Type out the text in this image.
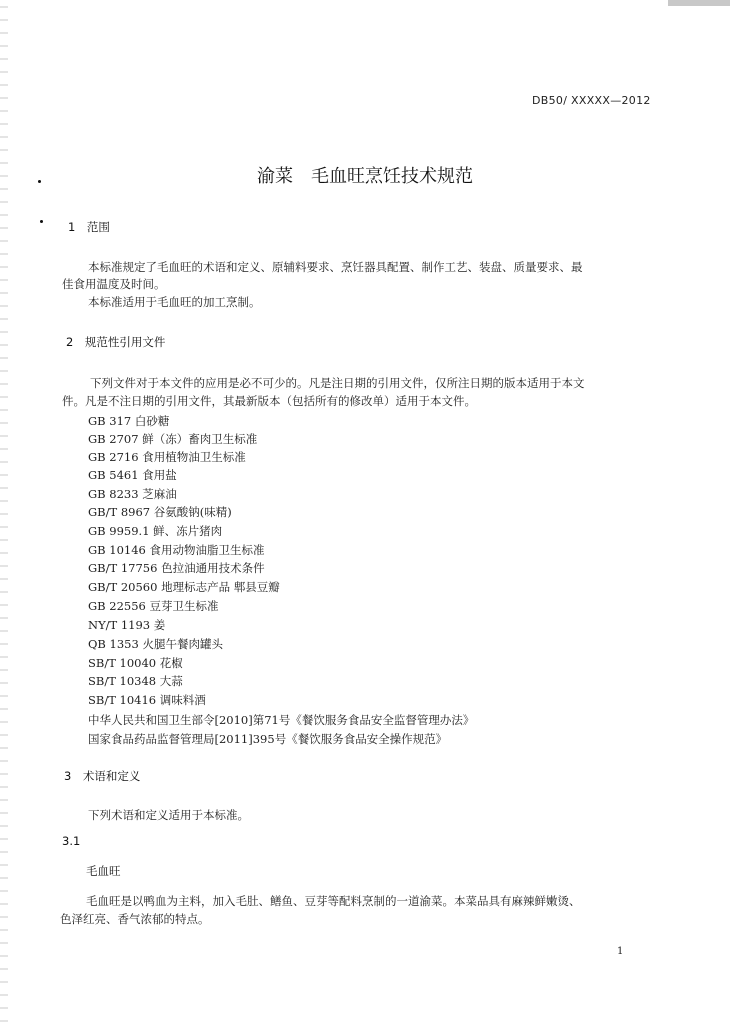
DB50/ XXXXX—2012
渝菜　毛血旺烹饪技术规范
1　范围
本标准规定了毛血旺的术语和定义、原辅料要求、烹饪器具配置、制作工艺、装盘、质量要求、最
佳食用温度及时间。
本标准适用于毛血旺的加工烹制。
2　规范性引用文件
下列文件对于本文件的应用是必不可少的。凡是注日期的引用文件，仅所注日期的版本适用于本文
件。凡是不注日期的引用文件，其最新版本（包括所有的修改单）适用于本文件。
GB 317 白砂糖
GB 2707 鲜（冻）畜肉卫生标准
GB 2716 食用植物油卫生标准
GB 5461 食用盐
GB 8233 芝麻油
GB/T 8967 谷氨酸钠(味精)
GB 9959.1 鲜、冻片猪肉
GB 10146 食用动物油脂卫生标准
GB/T 17756 色拉油通用技术条件
GB/T 20560 地理标志产品 郫县豆瓣
GB 22556 豆芽卫生标准
NY/T 1193 姜
QB 1353 火腿午餐肉罐头
SB/T 10040 花椒
SB/T 10348 大蒜
SB/T 10416 调味料酒
中华人民共和国卫生部令[2010]第71号《餐饮服务食品安全监督管理办法》
国家食品药品监督管理局[2011]395号《餐饮服务食品安全操作规范》
3　术语和定义
下列术语和定义适用于本标准。
3.1
毛血旺
毛血旺是以鸭血为主料，加入毛肚、鳝鱼、豆芽等配料烹制的一道渝菜。本菜品具有麻辣鲜嫩烫、
色泽红亮、香气浓郁的特点。
1
